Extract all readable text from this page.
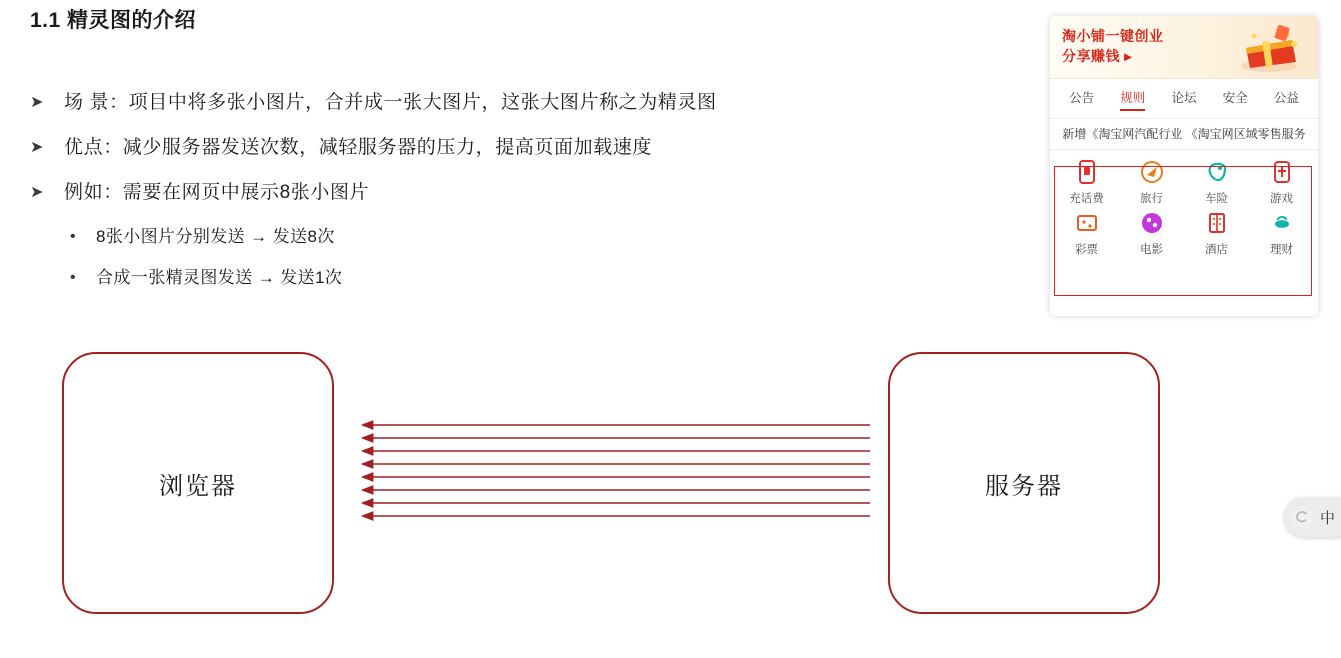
1.1 精灵图的介绍
➤	场 景：项目中将多张小图片，合并成一张大图片，这张大图片称之为精灵图
➤	优点：减少服务器发送次数，减轻服务器的压力，提高页面加载速度
➤	例如：需要在网页中展示8张小图片
•	8张小图片分别发送 → 发送8次
•	合成一张精灵图发送 → 发送1次
浏览器	服务器
淘小铺一键创业
分享赚钱 ▸
公告 规则 论坛 安全 公益
新增《淘宝网汽配行业 《淘宝网区域零售服务
充话费	旅行	车险	游戏
彩票	电影	酒店	理财
中
